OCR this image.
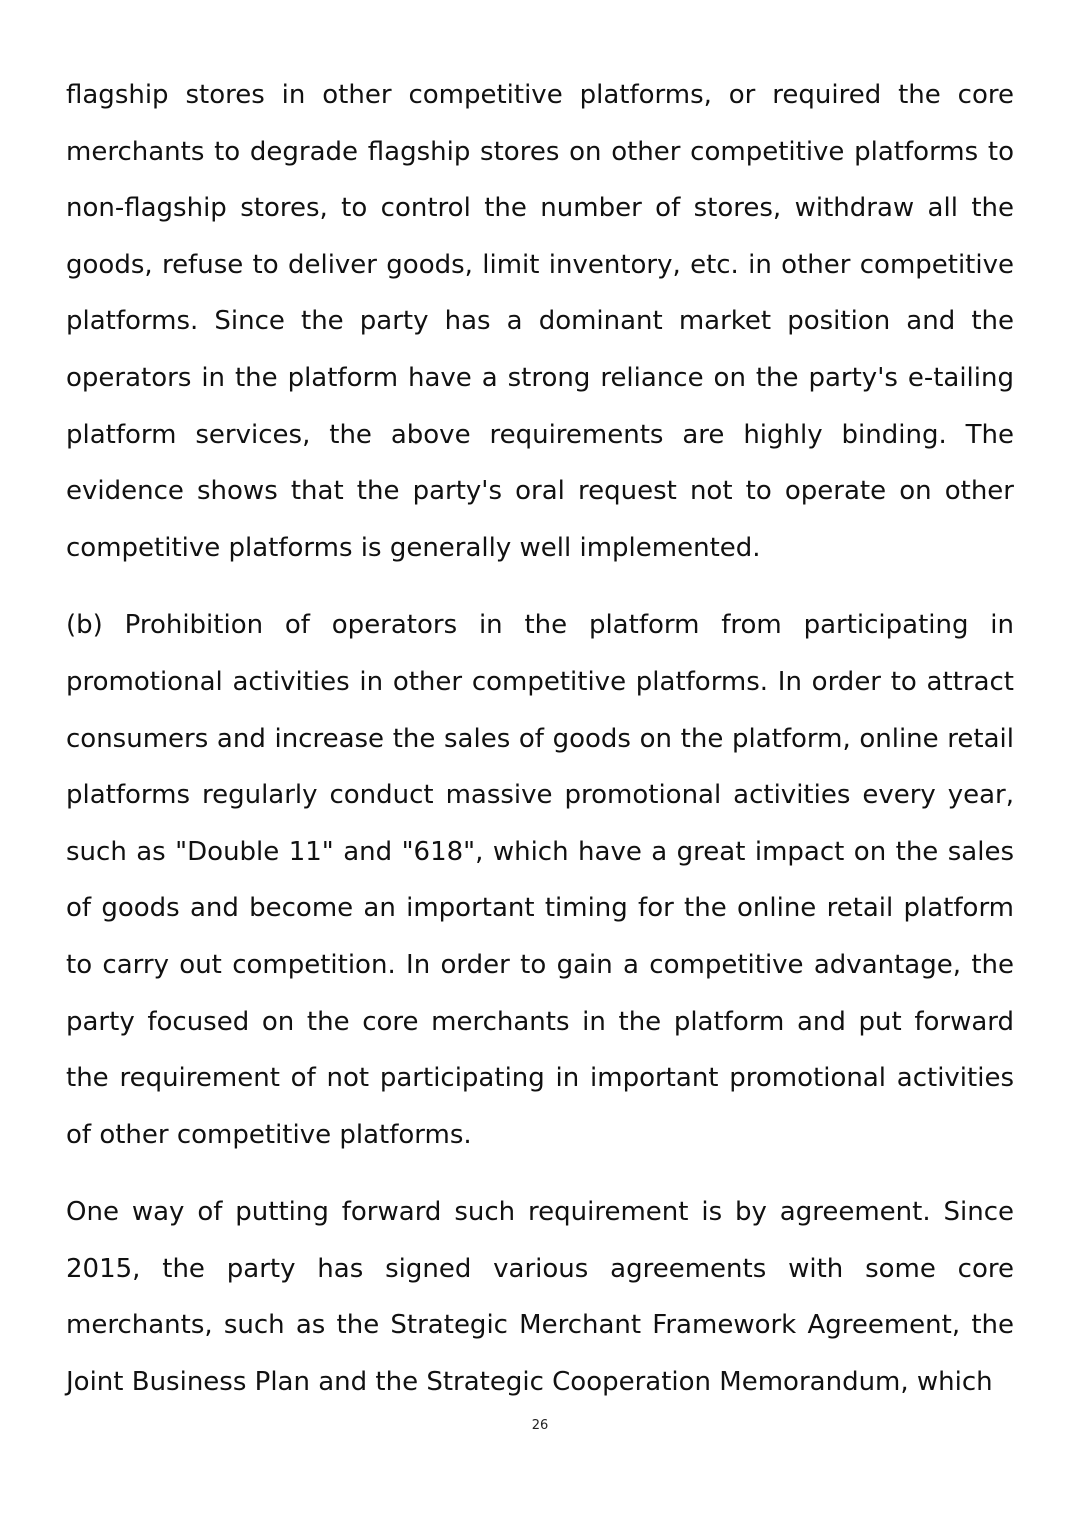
flagship stores in other competitive platforms, or required the core merchants to degrade flagship stores on other competitive platforms to non-flagship stores, to control the number of stores, withdraw all the goods, refuse to deliver goods, limit inventory, etc. in other competitive platforms. Since the party has a dominant market position and the operators in the platform have a strong reliance on the party's e-tailing platform services, the above requirements are highly binding. The evidence shows that the party's oral request not to operate on other competitive platforms is generally well implemented.

(b) Prohibition of operators in the platform from participating in promotional activities in other competitive platforms. In order to attract consumers and increase the sales of goods on the platform, online retail platforms regularly conduct massive promotional activities every year, such as "Double 11" and "618", which have a great impact on the sales of goods and become an important timing for the online retail platform to carry out competition. In order to gain a competitive advantage, the party focused on the core merchants in the platform and put forward the requirement of not participating in important promotional activities of other competitive platforms.

One way of putting forward such requirement is by agreement. Since 2015, the party has signed various agreements with some core merchants, such as the Strategic Merchant Framework Agreement, the Joint Business Plan and the Strategic Cooperation Memorandum, which

26
